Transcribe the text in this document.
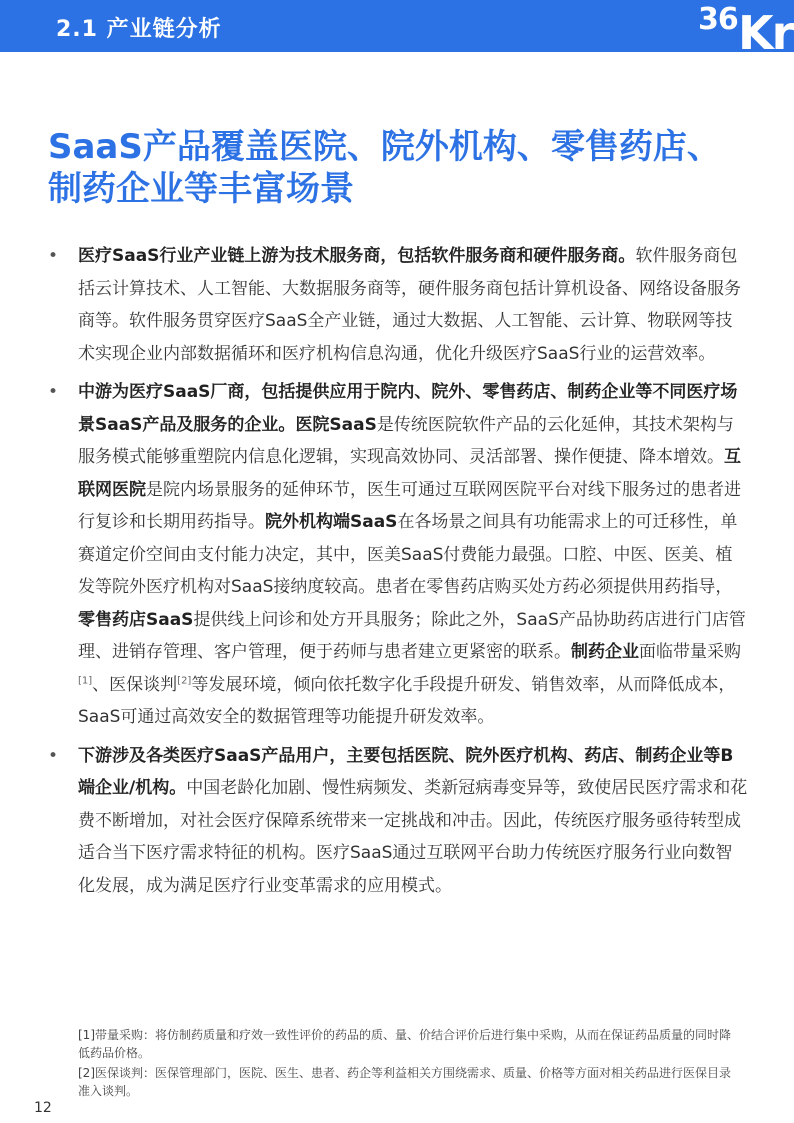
2.1 产业链分析	36 Kr
SaaS产品覆盖医院、院外机构、零售药店、制药企业等丰富场景
• 医疗SaaS行业产业链上游为技术服务商，包括软件服务商和硬件服务商。软件服务商包括云计算技术、人工智能、大数据服务商等，硬件服务商包括计算机设备、网络设备服务商等。软件服务贯穿医疗SaaS全产业链，通过大数据、人工智能、云计算、物联网等技术实现企业内部数据循环和医疗机构信息沟通，优化升级医疗SaaS行业的运营效率。
• 中游为医疗SaaS厂商，包括提供应用于院内、院外、零售药店、制药企业等不同医疗场景SaaS产品及服务的企业。医院SaaS是传统医院软件产品的云化延伸，其技术架构与服务模式能够重塑院内信息化逻辑，实现高效协同、灵活部署、操作便捷、降本增效。互联网医院是院内场景服务的延伸环节，医生可通过互联网医院平台对线下服务过的患者进行复诊和长期用药指导。院外机构端SaaS在各场景之间具有功能需求上的可迁移性，单赛道定价空间由支付能力决定，其中，医美SaaS付费能力最强。口腔、中医、医美、植发等院外医疗机构对SaaS接纳度较高。患者在零售药店购买处方药必须提供用药指导，零售药店SaaS提供线上问诊和处方开具服务；除此之外，SaaS产品协助药店进行门店管理、进销存管理、客户管理，便于药师与患者建立更紧密的联系。制药企业面临带量采购[1]、医保谈判[2]等发展环境，倾向依托数字化手段提升研发、销售效率，从而降低成本，SaaS可通过高效安全的数据管理等功能提升研发效率。
• 下游涉及各类医疗SaaS产品用户，主要包括医院、院外医疗机构、药店、制药企业等B端企业/机构。中国老龄化加剧、慢性病频发、类新冠病毒变异等，致使居民医疗需求和花费不断增加，对社会医疗保障系统带来一定挑战和冲击。因此，传统医疗服务亟待转型成适合当下医疗需求特征的机构。医疗SaaS通过互联网平台助力传统医疗服务行业向数智化发展，成为满足医疗行业变革需求的应用模式。

[1]带量采购：将仿制药质量和疗效一致性评价的药品的质、量、价结合评价后进行集中采购，从而在保证药品质量的同时降低药品价格。

[2]医保谈判：医保管理部门，医院、医生、患者、药企等利益相关方围绕需求、质量、价格等方面对相关药品进行医保目录准入谈判。

12
